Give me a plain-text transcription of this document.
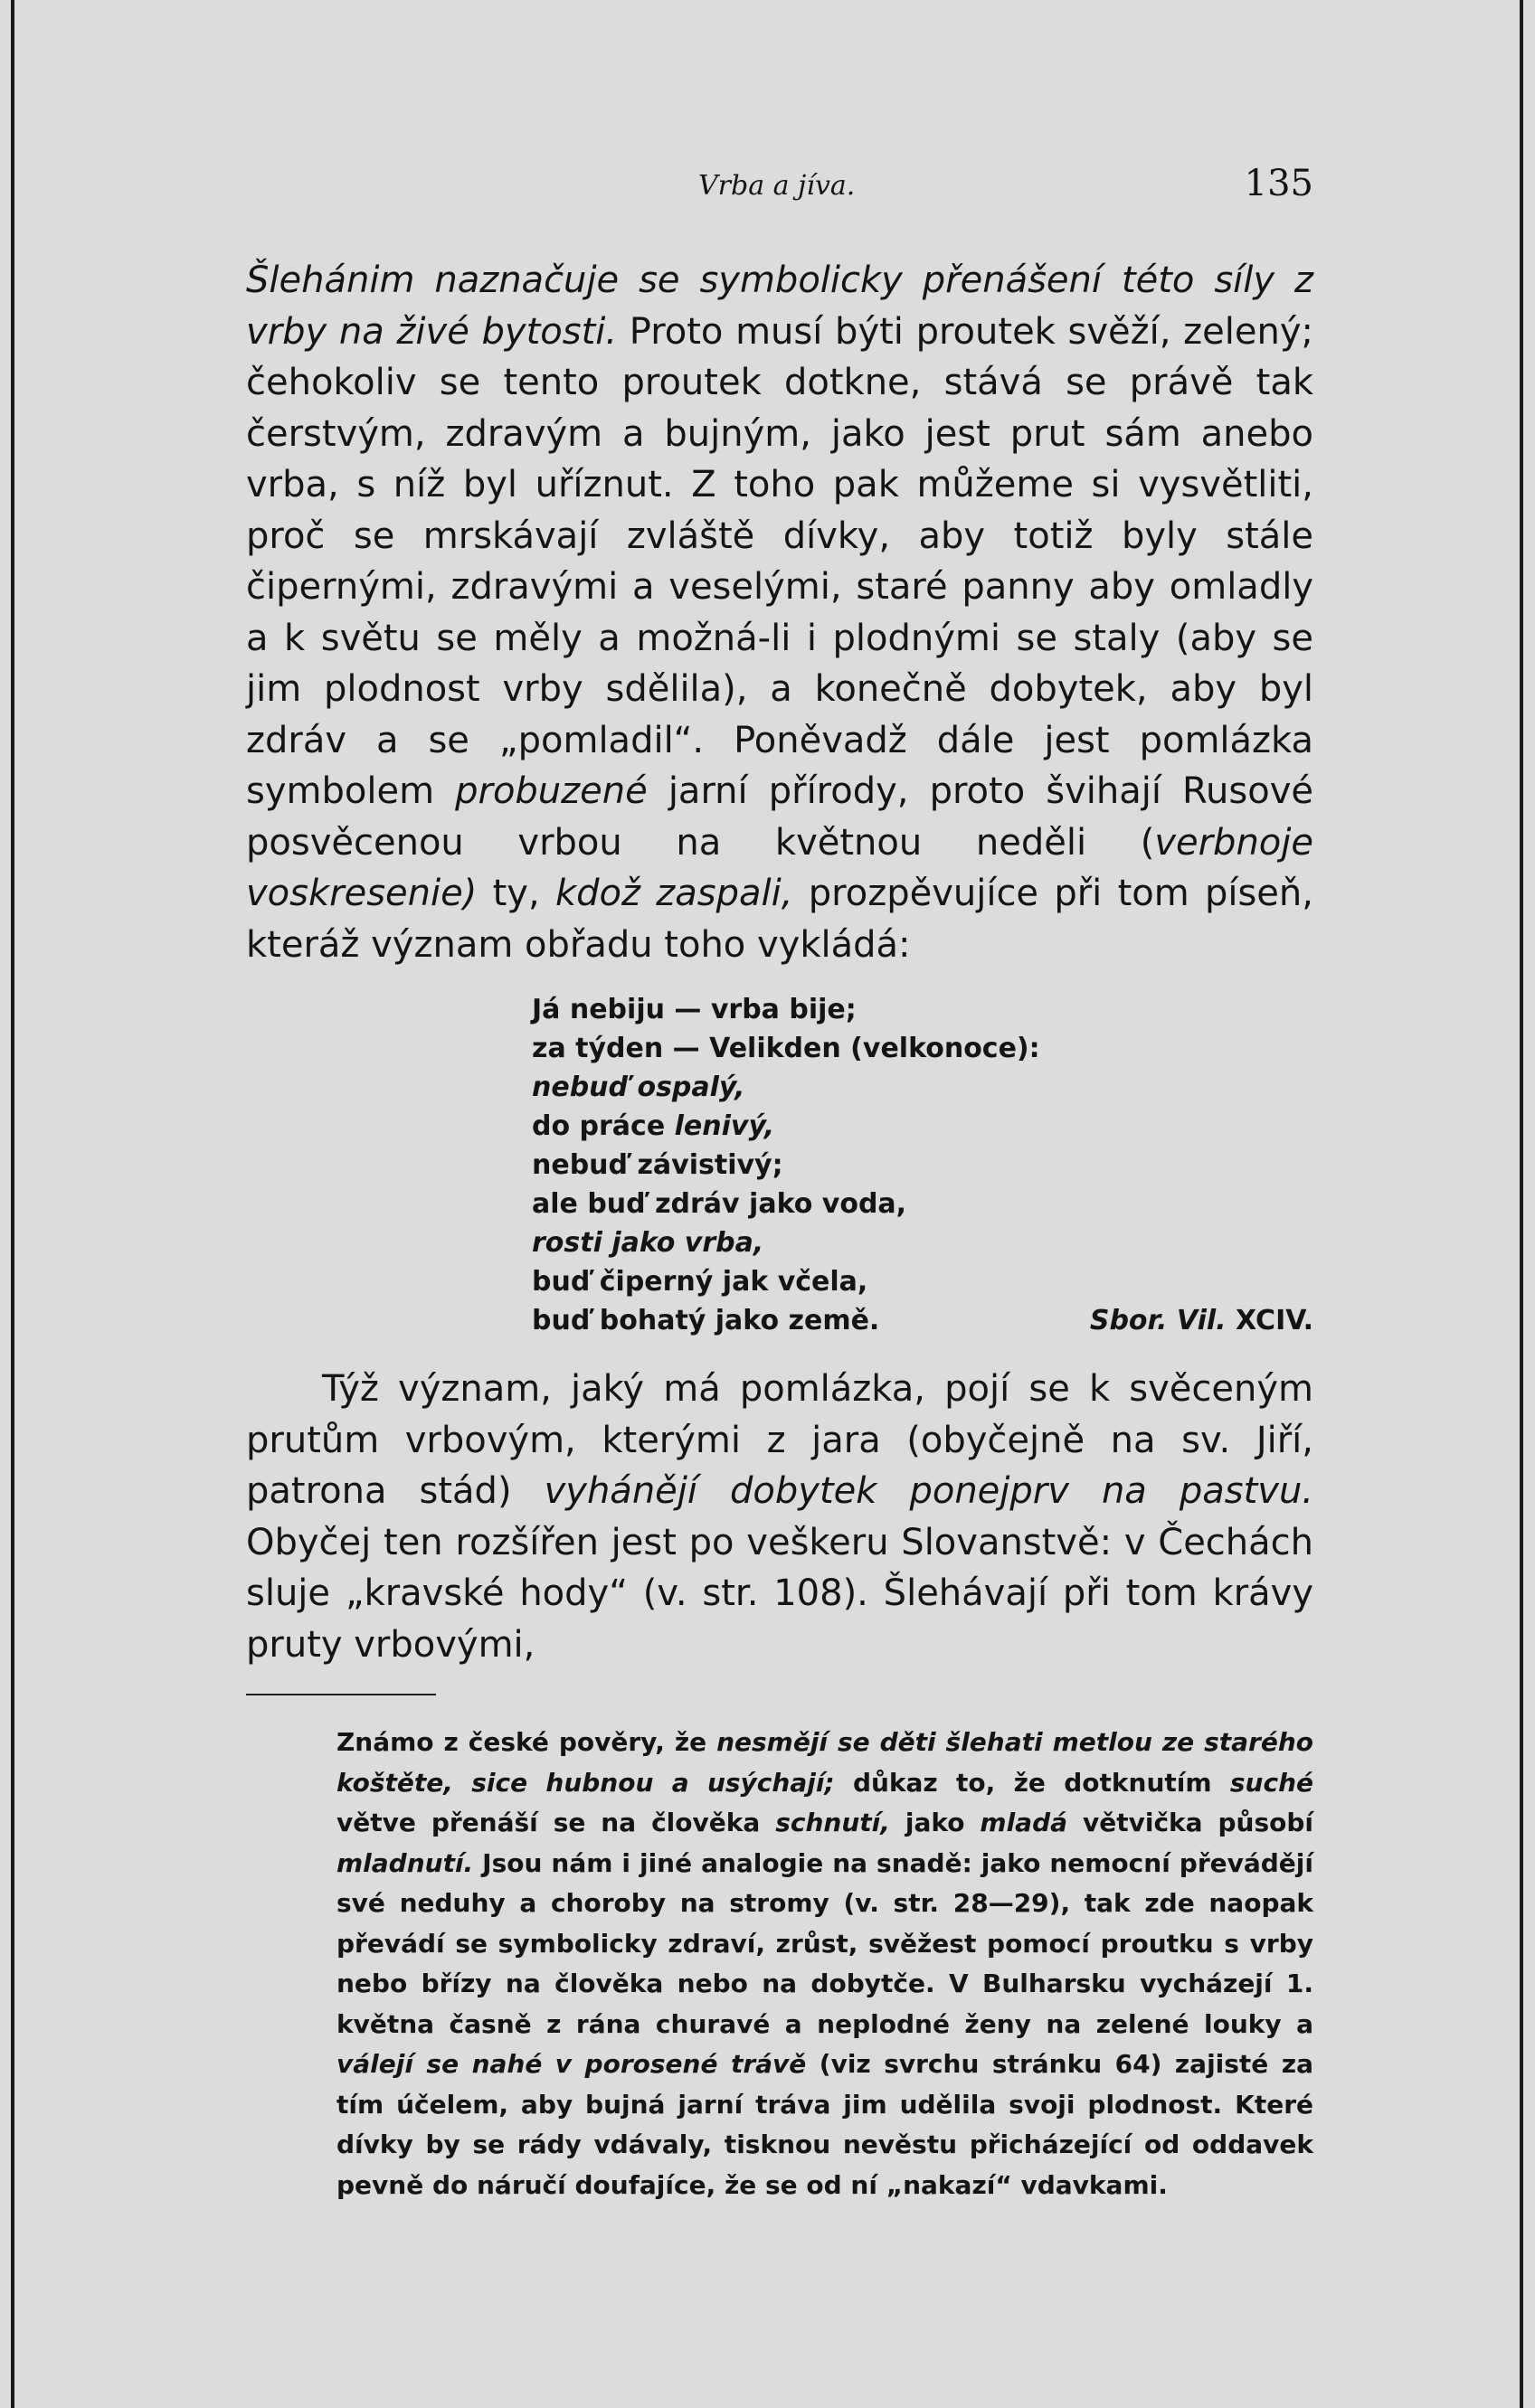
Vrba a jíva.	135

Šlehánim naznačuje se symbolicky přenášení této síly z vrby na živé bytosti. Proto musí býti proutek svěží, zelený; čehokoliv se tento proutek dotkne, stává se právě tak čerstvým, zdravým a bujným, jako jest prut sám anebo vrba, s níž byl uříznut. Z toho pak můžeme si vysvětliti, proč se mrskávají zvláště dívky, aby totiž byly stále čipernými, zdravými a veselými, staré panny aby omladly a k světu se měly a možná-li i plodnými se staly (aby se jim plodnost vrby sdělila), a konečně dobytek, aby byl zdráv a se „pomladil“. Poněvadž dále jest pomlázka symbolem probuzené jarní přírody, proto švihají Rusové posvěcenou vrbou na květnou neděli (verbnoje voskresenie) ty, kdož zaspali, prozpěvujíce při tom píseň, kteráž význam obřadu toho vykládá:

Já nebiju — vrba bije;
za týden — Velikden (velkonoce):
nebuď ospalý,
do práce lenivý,
nebuď závistivý;
ale buď zdráv jako voda,
rosti jako vrba,
buď čiperný jak včela,
buď bohatý jako země.	Sbor. Vil. XCIV.

Týž význam, jaký má pomlázka, pojí se k svěceným prutům vrbovým, kterými z jara (obyčejně na sv. Jiří, patrona stád) vyhánějí dobytek ponejprv na pastvu. Obyčej ten rozšířen jest po veškeru Slovanstvě: v Čechách sluje „kravské hody“ (v. str. 108). Šlehávají při tom krávy pruty vrbovými,

Známo z české pověry, že nesmějí se děti šlehati metlou ze starého koštěte, sice hubnou a usýchají; důkaz to, že dotknutím suché větve přenáší se na člověka schnutí, jako mladá větvička působí mladnutí. Jsou nám i jiné analogie na snadě: jako nemocní převádějí své neduhy a choroby na stromy (v. str. 28—29), tak zde naopak převádí se symbolicky zdraví, zrůst, svěžest pomocí proutku s vrby nebo břízy na člověka nebo na dobytče. V Bulharsku vycházejí 1. května časně z rána churavé a neplodné ženy na zelené louky a válejí se nahé v porosené trávě (viz svrchu stránku 64) zajisté za tím účelem, aby bujná jarní tráva jim udělila svoji plodnost. Které dívky by se rády vdávaly, tisknou nevěstu přicházející od oddavek pevně do náručí doufajíce, že se od ní „nakazí“ vdavkami.
